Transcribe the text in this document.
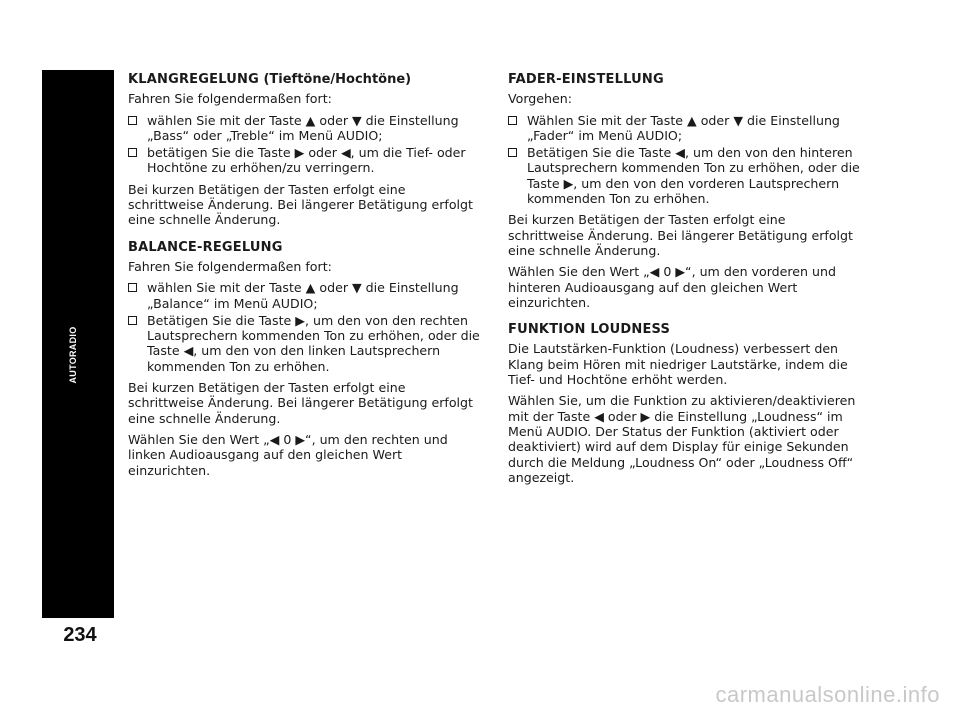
AUTORADIO
234
KLANGREGELUNG (Tieftöne/Hochtöne)

Fahren Sie folgendermaßen fort:

wählen Sie mit der Taste ▲ oder ▼ die Einstellung „Bass“ oder „Treble“ im Menü AUDIO;
betätigen Sie die Taste ▶ oder ◀, um die Tief- oder Hochtöne zu erhöhen/zu verringern.

Bei kurzen Betätigen der Tasten erfolgt eine schrittweise Änderung. Bei längerer Betätigung erfolgt eine schnelle Änderung.

BALANCE-REGELUNG

Fahren Sie folgendermaßen fort:

wählen Sie mit der Taste ▲ oder ▼ die Einstellung „Balance“ im Menü AUDIO;
Betätigen Sie die Taste ▶, um den von den rechten Lautsprechern kommenden Ton zu erhöhen, oder die Taste ◀, um den von den linken Lautsprechern kommenden Ton zu erhöhen.

Bei kurzen Betätigen der Tasten erfolgt eine schrittweise Änderung. Bei längerer Betätigung erfolgt eine schnelle Änderung.

Wählen Sie den Wert „◀ 0 ▶“, um den rechten und linken Audioausgang auf den gleichen Wert einzurichten.

FADER-EINSTELLUNG

Vorgehen:

Wählen Sie mit der Taste ▲ oder ▼ die Einstellung „Fader“ im Menü AUDIO;
Betätigen Sie die Taste ◀, um den von den hinteren Lautsprechern kommenden Ton zu erhöhen, oder die Taste ▶, um den von den vorderen Lautsprechern kommenden Ton zu erhöhen.

Bei kurzen Betätigen der Tasten erfolgt eine schrittweise Änderung. Bei längerer Betätigung erfolgt eine schnelle Änderung.

Wählen Sie den Wert „◀ 0 ▶“, um den vorderen und hinteren Audioausgang auf den gleichen Wert einzurichten.

FUNKTION LOUDNESS

Die Lautstärken-Funktion (Loudness) verbessert den Klang beim Hören mit niedriger Lautstärke, indem die Tief- und Hochtöne erhöht werden.

Wählen Sie, um die Funktion zu aktivieren/deaktivieren mit der Taste ◀ oder ▶ die Einstellung „Loudness“ im Menü AUDIO. Der Status der Funktion (aktiviert oder deaktiviert) wird auf dem Display für einige Sekunden durch die Meldung „Loudness On“ oder „Loudness Off“ angezeigt.

carmanualsonline.info
